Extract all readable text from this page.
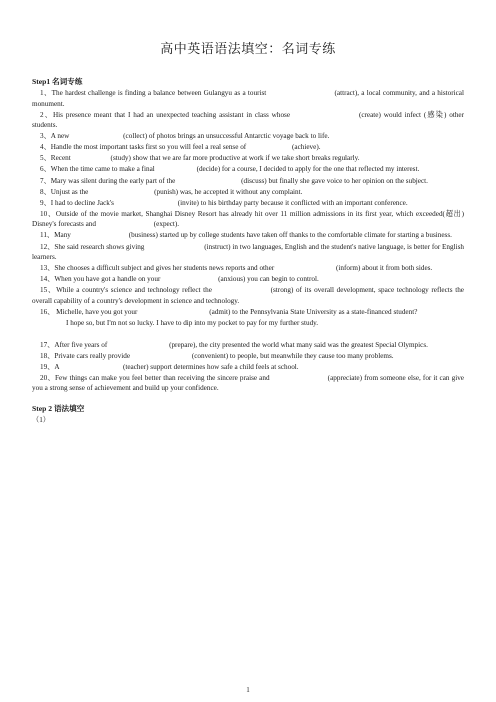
高中英语语法填空：名词专练
Step1 名词专练
1、The hardest challenge is finding a balance between Gulangyu as a tourist	(attract), a local community, and a historical monument.
2、His presence meant that I had an unexpected teaching assistant in class whose	(create) would infect (感染) other students.
3、A new	(collect) of photos brings an unsuccessful Antarctic voyage back to life.
4、Handle the most important tasks first so you will feel a real sense of	(achieve).
5、Recent	(study) show that we are far more productive at work if we take short breaks regularly.
6、When the time came to make a final	(decide) for a course, I decided to apply for the one that reflected my interest.
7、Mary was silent during the early part of the	(discuss) but finally she gave voice to her opinion on the subject.
8、Unjust as the	(punish) was, he accepted it without any complaint.
9、I had to decline Jack's	(invite) to his birthday party because it conflicted with an important conference.
10、Outside of the movie market, Shanghai Disney Resort has already hit over 11 million admissions in its first year, which exceeded(超出) Disney's forecasts and	(expect).
11、Many	(business) started up by college students have taken off thanks to the comfortable climate for starting a business.
12、She said research shows giving	(instruct) in two languages, English and the student's native language, is better for English learners.
13、She chooses a difficult subject and gives her students news reports and other	(inform) about it from both sides.
14、When you have got a handle on your	(anxious) you can begin to control.
15、While a country's science and technology reflect the	(strong) of its overall development, space technology reflects the overall capability of a country's development in science and technology.
16、 Michelle, have you got your	(admit) to the Pennsylvania State University as a state-financed student?
I hope so, but I'm not so lucky. I have to dip into my pocket to pay for my further study.
17、After five years of	(prepare), the city presented the world what many said was the greatest Special Olympics.
18、Private cars really provide	(convenient) to people, but meanwhile they cause too many problems.
19、A	(teacher) support determines how safe a child feels at school.
20、Few things can make you feel better than receiving the sincere praise and	(appreciate) from someone else, for it can give you a strong sense of achievement and build up your confidence.
Step 2 语法填空
（1）
1
